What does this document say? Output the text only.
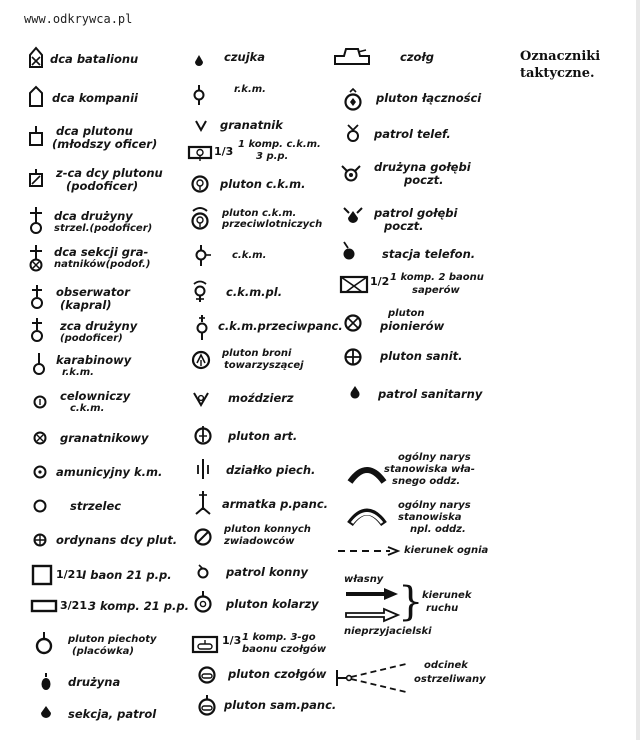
www.odkrywca.pl
Oznaczniki taktyczne.
dca batalionu
dca kompanii
dca plutonu
(młodszy oficer)
z-ca dcy plutonu
(podoficer)
dca drużyny
strzel.(podoficer)
dca sekcji gra-
natników(podof.)
obserwator
(kapral)
zca drużyny
(podoficer)
karabinowy
r.k.m.
celowniczy
c.k.m.
granatnikowy
amunicyjny k.m.
strzelec
ordynans dcy plut.
1/21 I baon 21 p.p.
3/21 3 komp. 21 p.p.
pluton piechoty
(placówka)
drużyna
sekcja, patrol
czujka
r.k.m.
granatnik
1/3
1 komp. c.k.m.
3 p.p.
pluton c.k.m.
pluton c.k.m.
przeciwlotniczych
c.k.m.
c.k.m.pl.
c.k.m.przeciwpanc.
pluton broni
towarzyszącej
moździerz
pluton art.
działko piech.
armatka p.panc.
pluton konnych
zwiadowców
patrol konny
pluton kolarzy
1/3 1 komp. 3-go
baonu czołgów
pluton czołgów
pluton sam.panc.
czołg
pluton łączności
patrol telef.
drużyna gołębi
poczt.
patrol gołębi
poczt.
stacja telefon.
1/2 1 komp. 2 baonu
saperów
pluton
pionierów
pluton sanit.
patrol sanitarny
ogólny narys
stanowiska wła-
snego oddz.
ogólny narys
stanowiska
npl. oddz.
kierunek ognia
własny }
kierunek
ruchu
nieprzyjacielski
odcinek
ostrzeliwany
